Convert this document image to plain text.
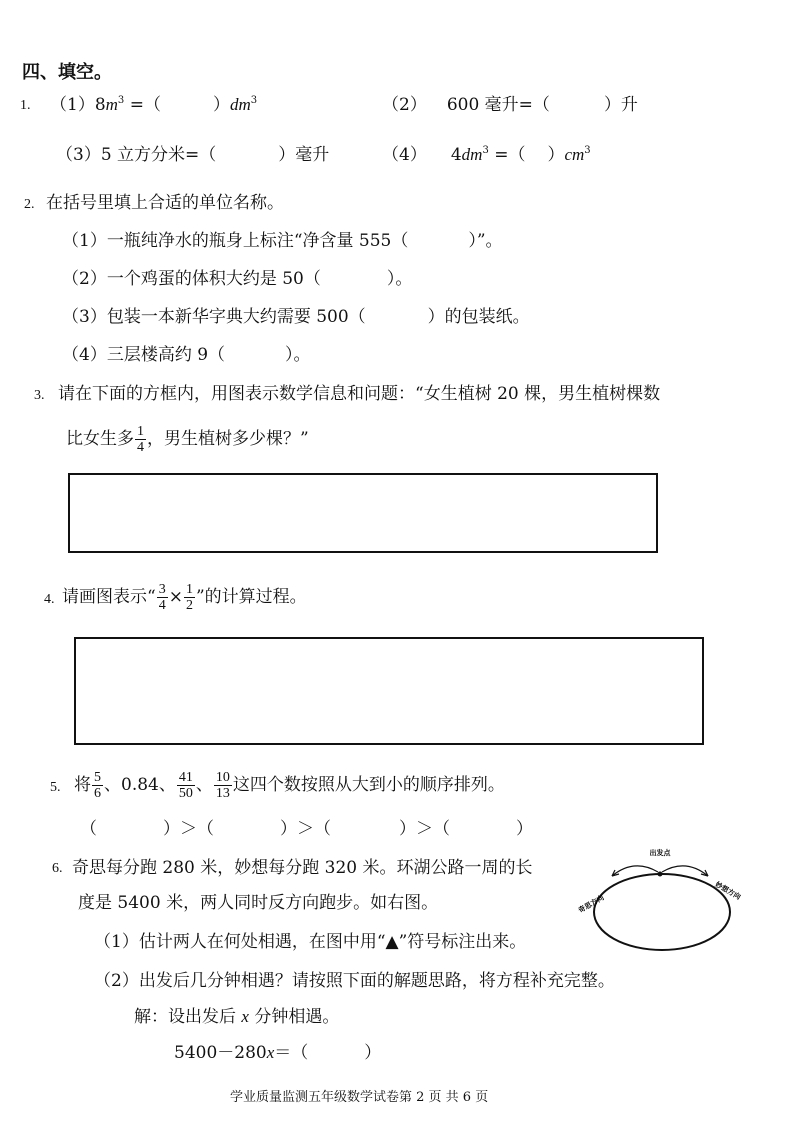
四、填空。
1. $(1)8m^3$ =（	）$dm^3$	（2） 600 毫升=（	）升
（3）5 立方分米=（	）毫升	（4） $4dm^3$ =（ ）$cm^3$
2. 在括号里填上合适的单位名称。
（1）一瓶纯净水的瓶身上标注“净含量 555（	）”。
（2）一个鸡蛋的体积大约是 50（	）。
（3）包装一本新华字典大约需要 500（	）的包装纸。
（4）三层楼高约 9（	）。
3. 请在下面的方框内，用图表示数学信息和问题：“女生植树 20 棵，男生植树棵数
比女生多 $\frac{1}{4}$ ，男生植树多少棵？”
4. 请画图表示“ $\frac{3}{4} \times \frac{1}{2}$ ”的计算过程。
5. 将 $\frac{5}{6}$ 、0.84、 $\frac{41}{50}$ 、 $\frac{10}{13}$ 这四个数按照从大到小的顺序排列。
（	）＞（	）＞（	）＞（	）
6. 奇思每分跑 280 米，妙想每分跑 320 米。环湖公路一周的长
度是 5400 米，两人同时反方向跑步。如右图。
（1）估计两人在何处相遇，在图中用“▲”符号标注出来。
（2）出发后几分钟相遇？请按照下面的解题思路，将方程补充完整。
解：设出发后 x 分钟相遇。
5400－280x＝（	）
出发点
奇思方向
妙想方向
学业质量监测五年级数学试卷第 2 页 共 6 页
